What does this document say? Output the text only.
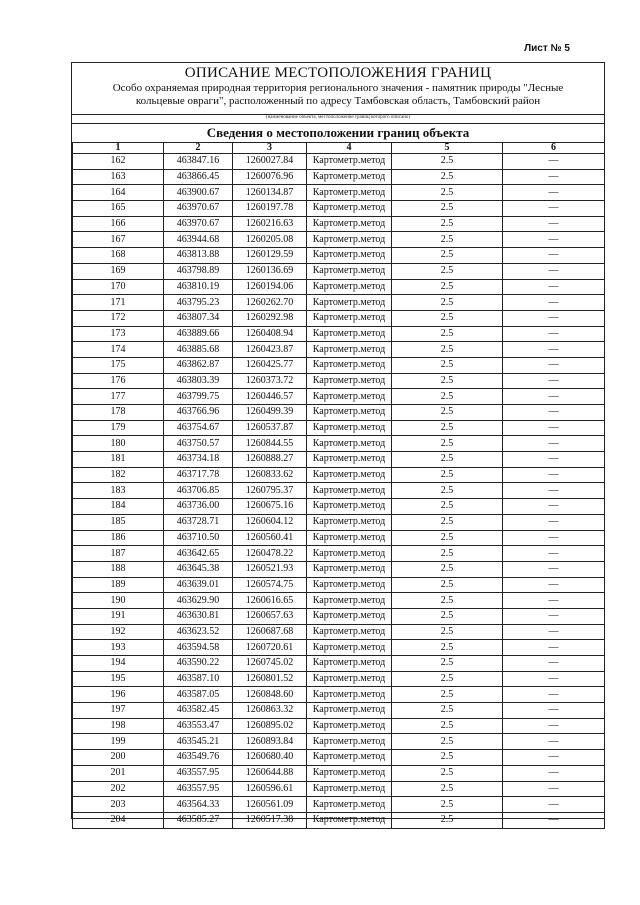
Лист № 5
ОПИСАНИЕ МЕСТОПОЛОЖЕНИЯ ГРАНИЦ
Особо охраняемая природная территория регионального значения - памятник природы "Лесные
кольцевые овраги", расположенный по адресу Тамбовская область, Тамбовский район
(наименование объекта, местоположение границ которого описано)
Сведения о местоположении границ объекта
1	2	3	4	5	6
162	463847.16	1260027.84	Картометр.метод	2.5	—
163	463866.45	1260076.96	Картометр.метод	2.5	—
164	463900.67	1260134.87	Картометр.метод	2.5	—
165	463970.67	1260197.78	Картометр.метод	2.5	—
166	463970.67	1260216.63	Картометр.метод	2.5	—
167	463944.68	1260205.08	Картометр.метод	2.5	—
168	463813.88	1260129.59	Картометр.метод	2.5	—
169	463798.89	1260136.69	Картометр.метод	2.5	—
170	463810.19	1260194.06	Картометр.метод	2.5	—
171	463795.23	1260262.70	Картометр.метод	2.5	—
172	463807.34	1260292.98	Картометр.метод	2.5	—
173	463889.66	1260408.94	Картометр.метод	2.5	—
174	463885.68	1260423.87	Картометр.метод	2.5	—
175	463862.87	1260425.77	Картометр.метод	2.5	—
176	463803.39	1260373.72	Картометр.метод	2.5	—
177	463799.75	1260446.57	Картометр.метод	2.5	—
178	463766.96	1260499.39	Картометр.метод	2.5	—
179	463754.67	1260537.87	Картометр.метод	2.5	—
180	463750.57	1260844.55	Картометр.метод	2.5	—
181	463734.18	1260888.27	Картометр.метод	2.5	—
182	463717.78	1260833.62	Картометр.метод	2.5	—
183	463706.85	1260795.37	Картометр.метод	2.5	—
184	463736.00	1260675.16	Картометр.метод	2.5	—
185	463728.71	1260604.12	Картометр.метод	2.5	—
186	463710.50	1260560.41	Картометр.метод	2.5	—
187	463642.65	1260478.22	Картометр.метод	2.5	—
188	463645.38	1260521.93	Картометр.метод	2.5	—
189	463639.01	1260574.75	Картометр.метод	2.5	—
190	463629.90	1260616.65	Картометр.метод	2.5	—
191	463630.81	1260657.63	Картометр.метод	2.5	—
192	463623.52	1260687.68	Картометр.метод	2.5	—
193	463594.58	1260720.61	Картометр.метод	2.5	—
194	463590.22	1260745.02	Картометр.метод	2.5	—
195	463587.10	1260801.52	Картометр.метод	2.5	—
196	463587.05	1260848.60	Картометр.метод	2.5	—
197	463582.45	1260863.32	Картометр.метод	2.5	—
198	463553.47	1260895.02	Картометр.метод	2.5	—
199	463545.21	1260893.84	Картометр.метод	2.5	—
200	463549.76	1260680.40	Картометр.метод	2.5	—
201	463557.95	1260644.88	Картометр.метод	2.5	—
202	463557.95	1260596.61	Картометр.метод	2.5	—
203	463564.33	1260561.09	Картометр.метод	2.5	—
204	463585.27	1260517.38	Картометр.метод	2.5	—
